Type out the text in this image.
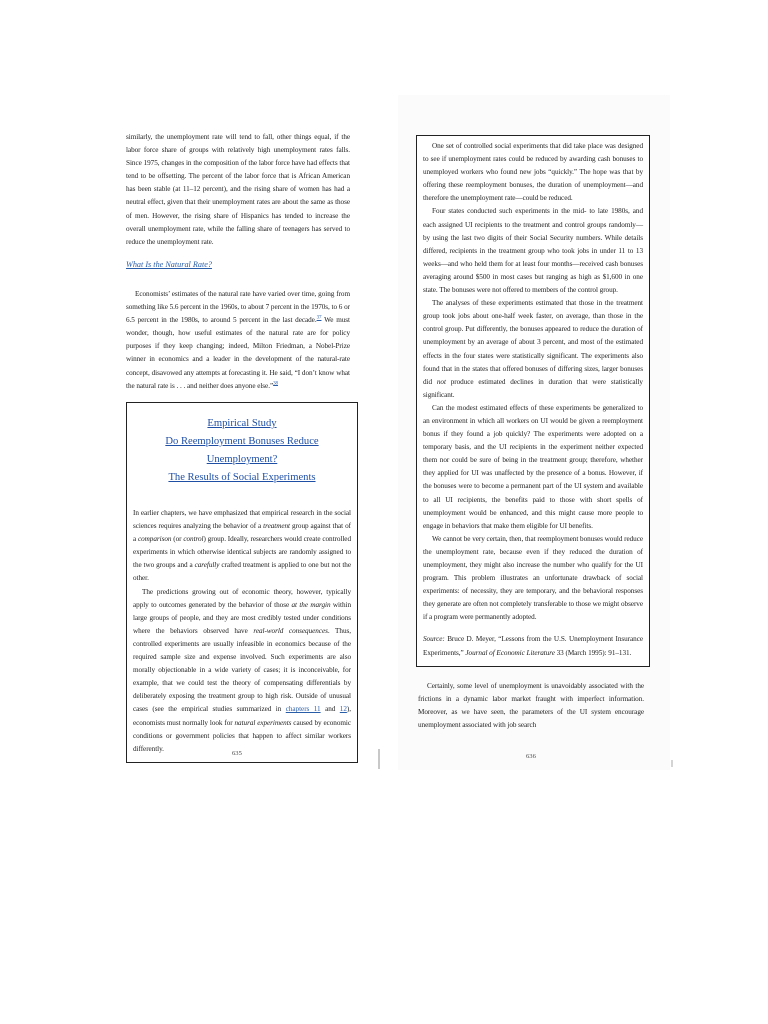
similarly, the unemployment rate will tend to fall, other things equal, if the labor force share of groups with relatively high unemployment rates falls. Since 1975, changes in the composition of the labor force have had effects that tend to be offsetting. The percent of the labor force that is African American has been stable (at 11–12 percent), and the rising share of women has had a neutral effect, given that their unemployment rates are about the same as those of men. However, the rising share of Hispanics has tended to increase the overall unemployment rate, while the falling share of teenagers has served to reduce the unemployment rate.

What Is the Natural Rate?

Economists’ estimates of the natural rate have varied over time, going from something like 5.6 percent in the 1960s, to about 7 percent in the 1970s, to 6 or 6.5 percent in the 1980s, to around 5 percent in the last decade.$^{37}$ We must wonder, though, how useful estimates of the natural rate are for policy purposes if they keep changing; indeed, Milton Friedman, a Nobel-Prize winner in economics and a leader in the development of the natural-rate concept, disavowed any attempts at forecasting it. He said, “I don’t know what the natural rate is . . . and neither does anyone else.”$^{38}$

Empirical Study
Do Reemployment Bonuses Reduce Unemployment?
The Results of Social Experiments

In earlier chapters, we have emphasized that empirical research in the social sciences requires analyzing the behavior of a treatment group against that of a comparison (or control) group. Ideally, researchers would create controlled experiments in which otherwise identical subjects are randomly assigned to the two groups and a carefully crafted treatment is applied to one but not the other.

The predictions growing out of economic theory, however, typically apply to outcomes generated by the behavior of those at the margin within large groups of people, and they are most credibly tested under conditions where the behaviors observed have real-world consequences. Thus, controlled experiments are usually infeasible in economics because of the required sample size and expense involved. Such experiments are also morally objectionable in a wide variety of cases; it is inconceivable, for example, that we could test the theory of compensating differentials by deliberately exposing the treatment group to high risk. Outside of unusual cases (see the empirical studies summarized in chapters 11 and 12), economists must normally look for natural experiments caused by economic conditions or government policies that happen to affect similar workers differently.

635

One set of controlled social experiments that did take place was designed to see if unemployment rates could be reduced by awarding cash bonuses to unemployed workers who found new jobs “quickly.” The hope was that by offering these reemployment bonuses, the duration of unemployment—and therefore the unemployment rate—could be reduced.

Four states conducted such experiments in the mid- to late 1980s, and each assigned UI recipients to the treatment and control groups randomly—by using the last two digits of their Social Security numbers. While details differed, recipients in the treatment group who took jobs in under 11 to 13 weeks—and who held them for at least four months—received cash bonuses averaging around $500 in most cases but ranging as high as $1,600 in one state. The bonuses were not offered to members of the control group.

The analyses of these experiments estimated that those in the treatment group took jobs about one-half week faster, on average, than those in the control group. Put differently, the bonuses appeared to reduce the duration of unemployment by an average of about 3 percent, and most of the estimated effects in the four states were statistically significant. The experiments also found that in the states that offered bonuses of differing sizes, larger bonuses did not produce estimated declines in duration that were statistically significant.

Can the modest estimated effects of these experiments be generalized to an environment in which all workers on UI would be given a reemployment bonus if they found a job quickly? The experiments were adopted on a temporary basis, and the UI recipients in the experiment neither expected them nor could be sure of being in the treatment group; therefore, whether they applied for UI was unaffected by the presence of a bonus. However, if the bonuses were to become a permanent part of the UI system and available to all UI recipients, the benefits paid to those with short spells of unemployment would be enhanced, and this might cause more people to engage in behaviors that make them eligible for UI benefits.

We cannot be very certain, then, that reemployment bonuses would reduce the unemployment rate, because even if they reduced the duration of unemployment, they might also increase the number who qualify for the UI program. This problem illustrates an unfortunate drawback of social experiments: of necessity, they are temporary, and the behavioral responses they generate are often not completely transferable to those we might observe if a program were permanently adopted.

Source: Bruce D. Meyer, “Lessons from the U.S. Unemployment Insurance Experiments,” Journal of Economic Literature 33 (March 1995): 91–131.

Certainly, some level of unemployment is unavoidably associated with the frictions in a dynamic labor market fraught with imperfect information. Moreover, as we have seen, the parameters of the UI system encourage unemployment associated with job search

636
